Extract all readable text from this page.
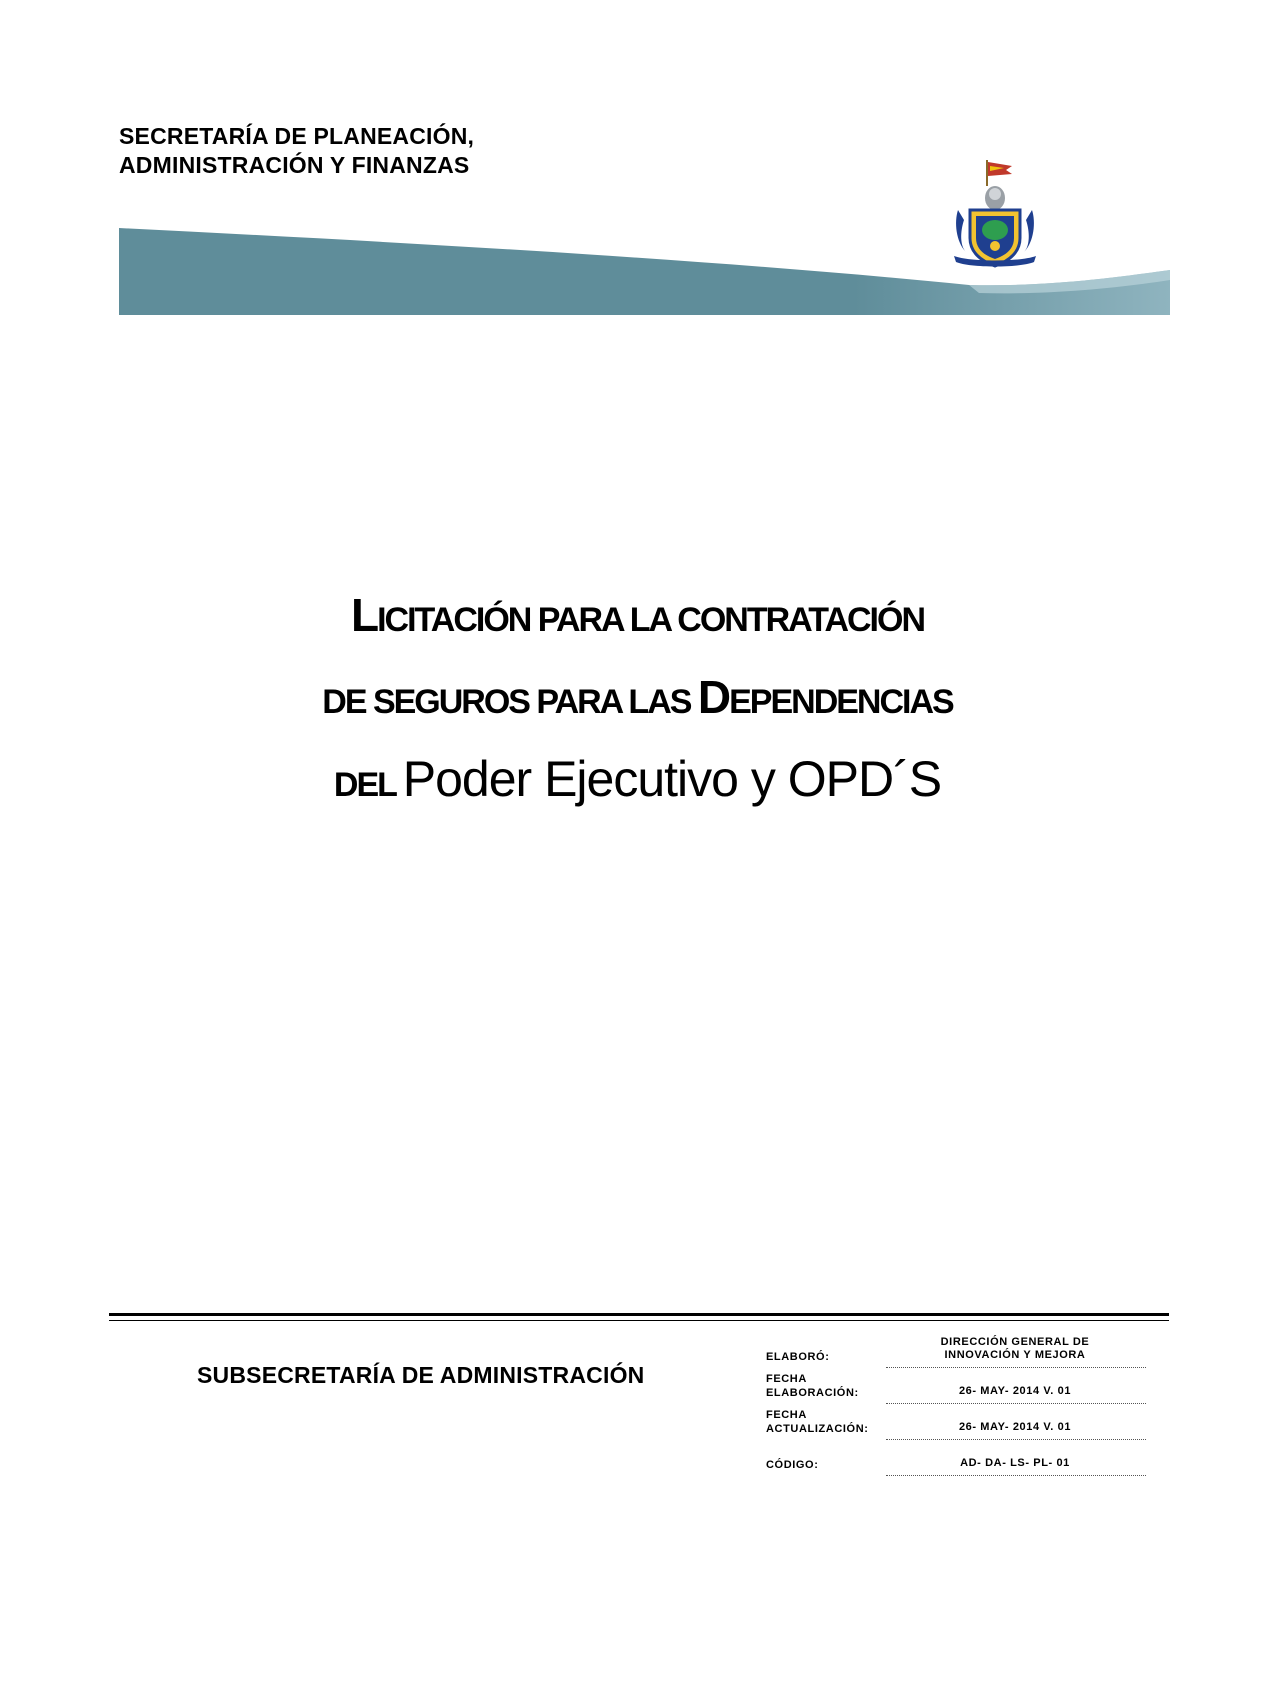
SECRETARÍA DE PLANEACIÓN,
ADMINISTRACIÓN Y FINANZAS
LICITACIÓN PARA LA CONTRATACIÓN
DE SEGUROS PARA LAS DEPENDENCIAS
DEL Poder Ejecutivo y OPD´S
SUBSECRETARÍA DE ADMINISTRACIÓN
ELABORÓ:
DIRECCIÓN GENERAL DE INNOVACIÓN Y MEJORA
FECHA ELABORACIÓN:	26- MAY- 2014 V. 01
FECHA ACTUALIZACIÓN:	26- MAY- 2014 V. 01
CÓDIGO:	AD- DA- LS- PL- 01
